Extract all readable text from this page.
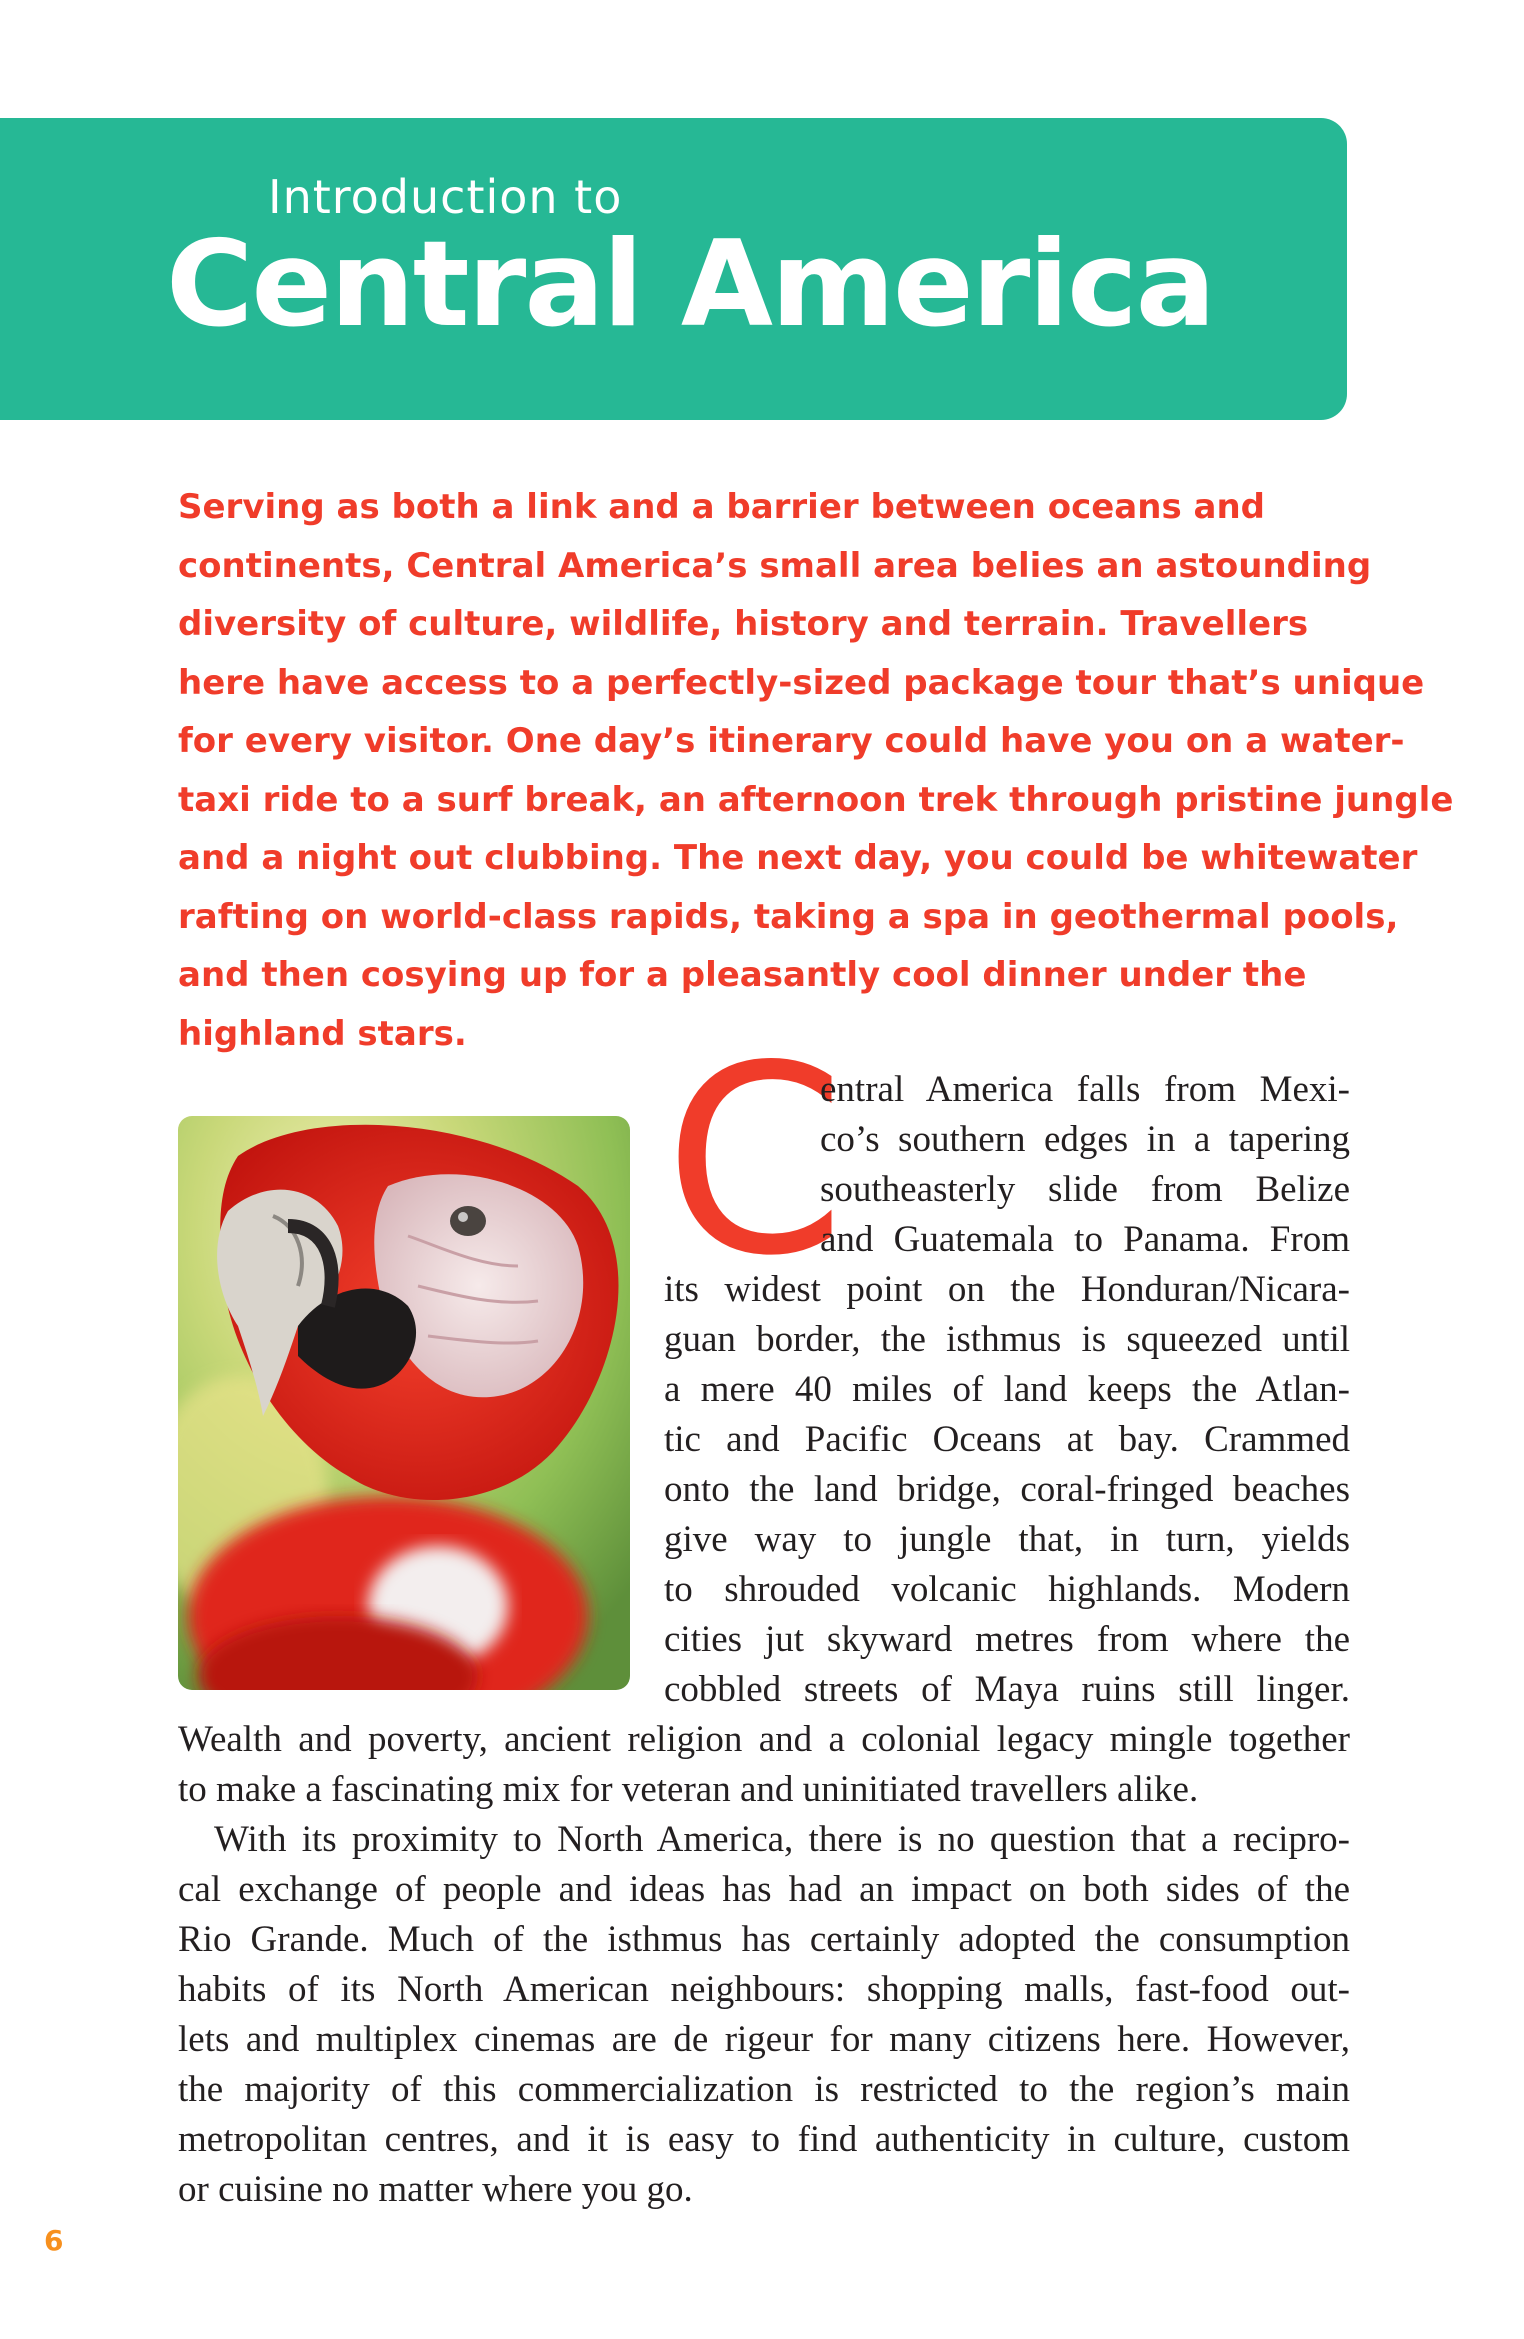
Introduction to
Central America
Serving as both a link and a barrier between oceans and
continents, Central America’s small area belies an astounding
diversity of culture, wildlife, history and terrain. Travellers
here have access to a perfectly-sized package tour that’s unique
for every visitor. One day’s itinerary could have you on a water-
taxi ride to a surf break, an afternoon trek through pristine jungle
and a night out clubbing. The next day, you could be whitewater
rafting on world-class rapids, taking a spa in geothermal pools,
and then cosying up for a pleasantly cool dinner under the
highland stars. C
entral America falls from Mexi-
co’s southern edges in a tapering
southeasterly slide from Belize
and Guatemala to Panama. From
its widest point on the Honduran/Nicara-
guan border, the isthmus is squeezed until
a mere 40 miles of land keeps the Atlan-
tic and Pacific Oceans at bay. Crammed
onto the land bridge, coral-fringed beaches
give way to jungle that, in turn, yields
to shrouded volcanic highlands. Modern
cities jut skyward metres from where the
cobbled streets of Maya ruins still linger.
Wealth and poverty, ancient religion and a colonial legacy mingle together
to make a fascinating mix for veteran and uninitiated travellers alike.
With its proximity to North America, there is no question that a recipro-
cal exchange of people and ideas has had an impact on both sides of the
Rio Grande. Much of the isthmus has certainly adopted the consumption
habits of its North American neighbours: shopping malls, fast-food out-
lets and multiplex cinemas are de rigeur for many citizens here. However,
the majority of this commercialization is restricted to the region’s main
metropolitan centres, and it is easy to find authenticity in culture, custom
or cuisine no matter where you go.
6
